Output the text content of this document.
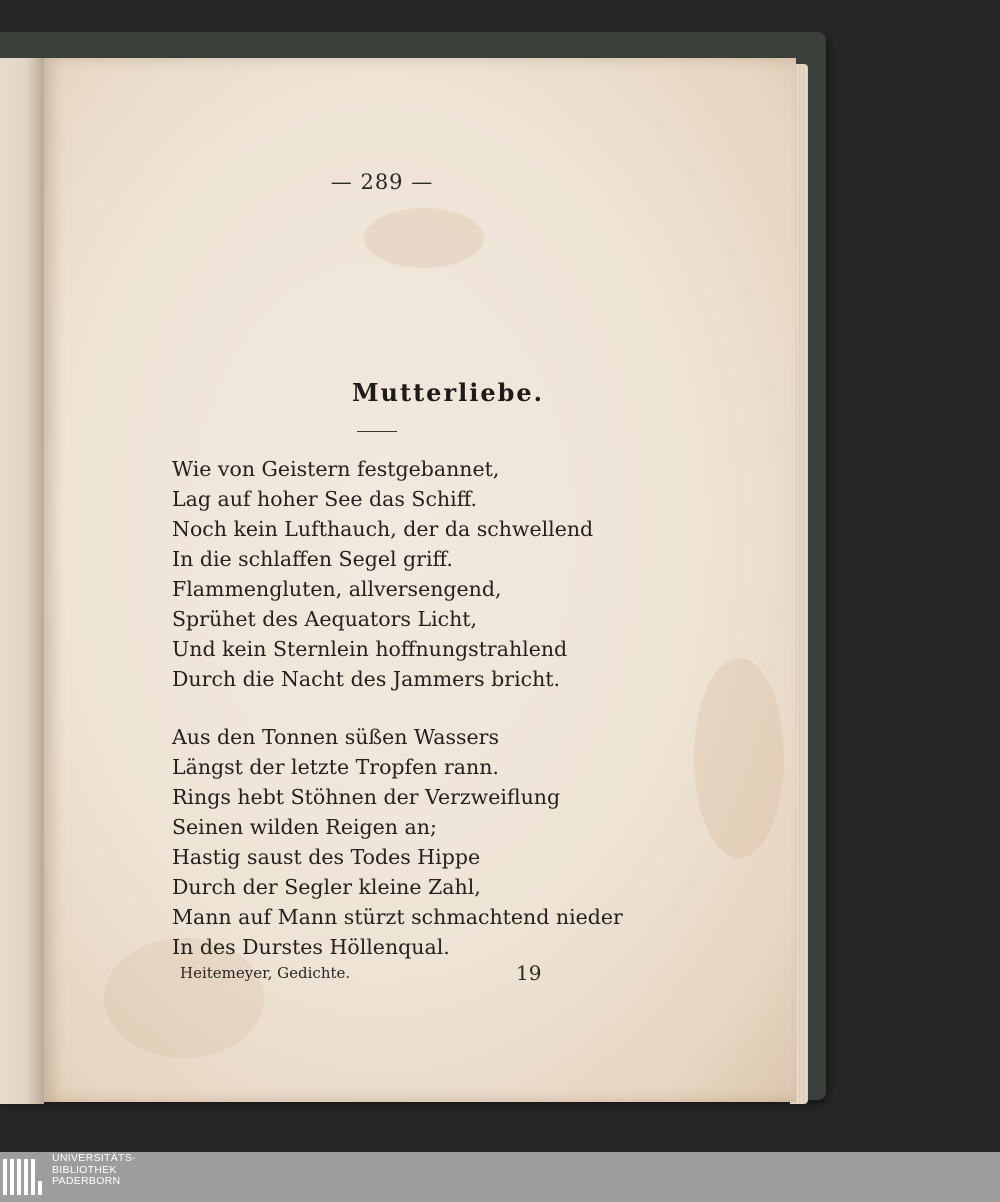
— 289 —
Mutterliebe.
Wie von Geistern festgebannet,
Lag auf hoher See das Schiff.
Noch kein Lufthauch, der da schwellend
In die schlaffen Segel griff.
Flammengluten, allversengend,
Sprühet des Aequators Licht,
Und kein Sternlein hoffnungstrahlend
Durch die Nacht des Jammers bricht.
Aus den Tonnen süßen Wassers
Längst der letzte Tropfen rann.
Rings hebt Stöhnen der Verzweiflung
Seinen wilden Reigen an;
Hastig saust des Todes Hippe
Durch der Segler kleine Zahl,
Mann auf Mann stürzt schmachtend nieder
In des Durstes Höllenqual.
Heitemeyer, Gedichte.	19
UNIVERSITÄTS-
BIBLIOTHEK
PADERBORN
